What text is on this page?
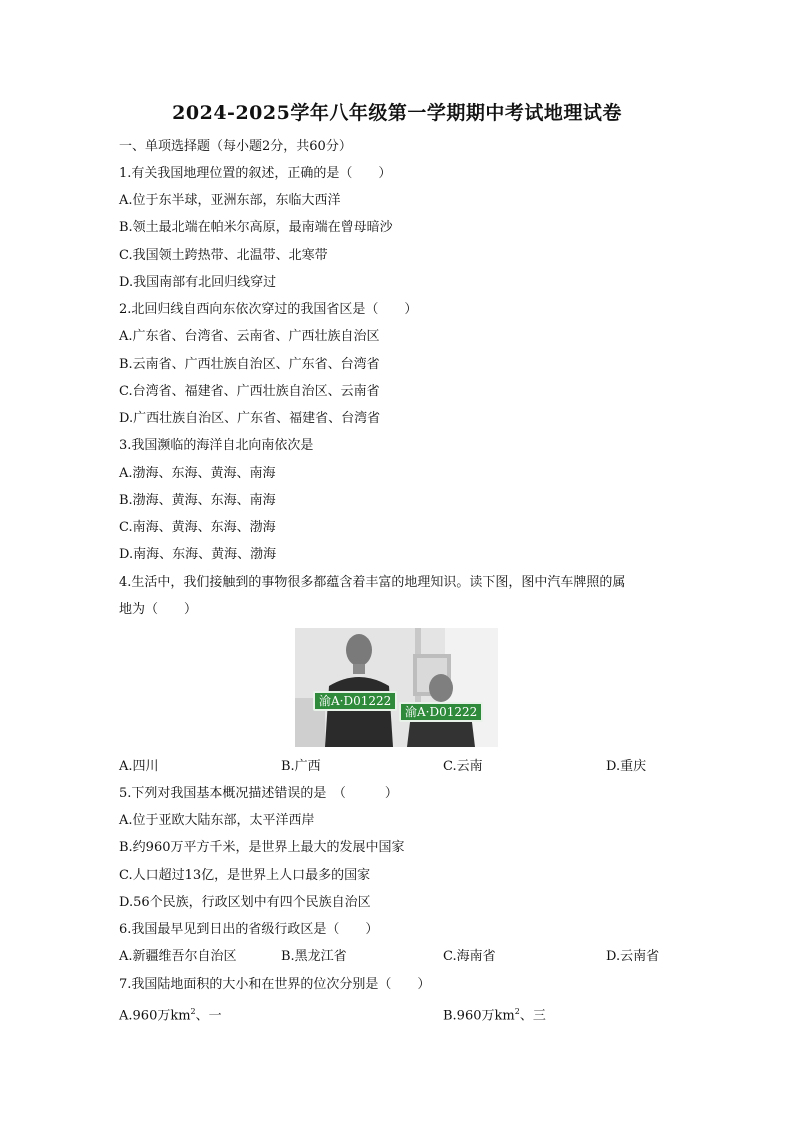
2024-2025学年八年级第一学期期中考试地理试卷
一、单项选择题（每小题2分，共60分）
1.有关我国地理位置的叙述，正确的是（　　）
A.位于东半球，亚洲东部，东临大西洋
B.领土最北端在帕米尔高原，最南端在曾母暗沙
C.我国领土跨热带、北温带、北寒带
D.我国南部有北回归线穿过
2.北回归线自西向东依次穿过的我国省区是（　　）
A.广东省、台湾省、云南省、广西壮族自治区
B.云南省、广西壮族自治区、广东省、台湾省
C.台湾省、福建省、广西壮族自治区、云南省
D.广西壮族自治区、广东省、福建省、台湾省
3.我国濒临的海洋自北向南依次是
A.渤海、东海、黄海、南海
B.渤海、黄海、东海、南海
C.南海、黄海、东海、渤海
D.南海、东海、黄海、渤海
4.生活中，我们接触到的事物很多都蕴含着丰富的地理知识。读下图，图中汽车牌照的属
地为（　　）
渝A·D01222
渝A·D01222
A.四川	B.广西	C.云南	D.重庆
5.下列对我国基本概况描述错误的是　（　　　）
A.位于亚欧大陆东部，太平洋西岸
B.约960万平方千米，是世界上最大的发展中国家
C.人口超过13亿，是世界上人口最多的国家
D.56个民族，行政区划中有四个民族自治区
6.我国最早见到日出的省级行政区是（　　）
A.新疆维吾尔自治区	B.黑龙江省	C.海南省	D.云南省
7.我国陆地面积的大小和在世界的位次分别是（　　）
A.960万$km^2$、一	B.960万$km^2$、三
